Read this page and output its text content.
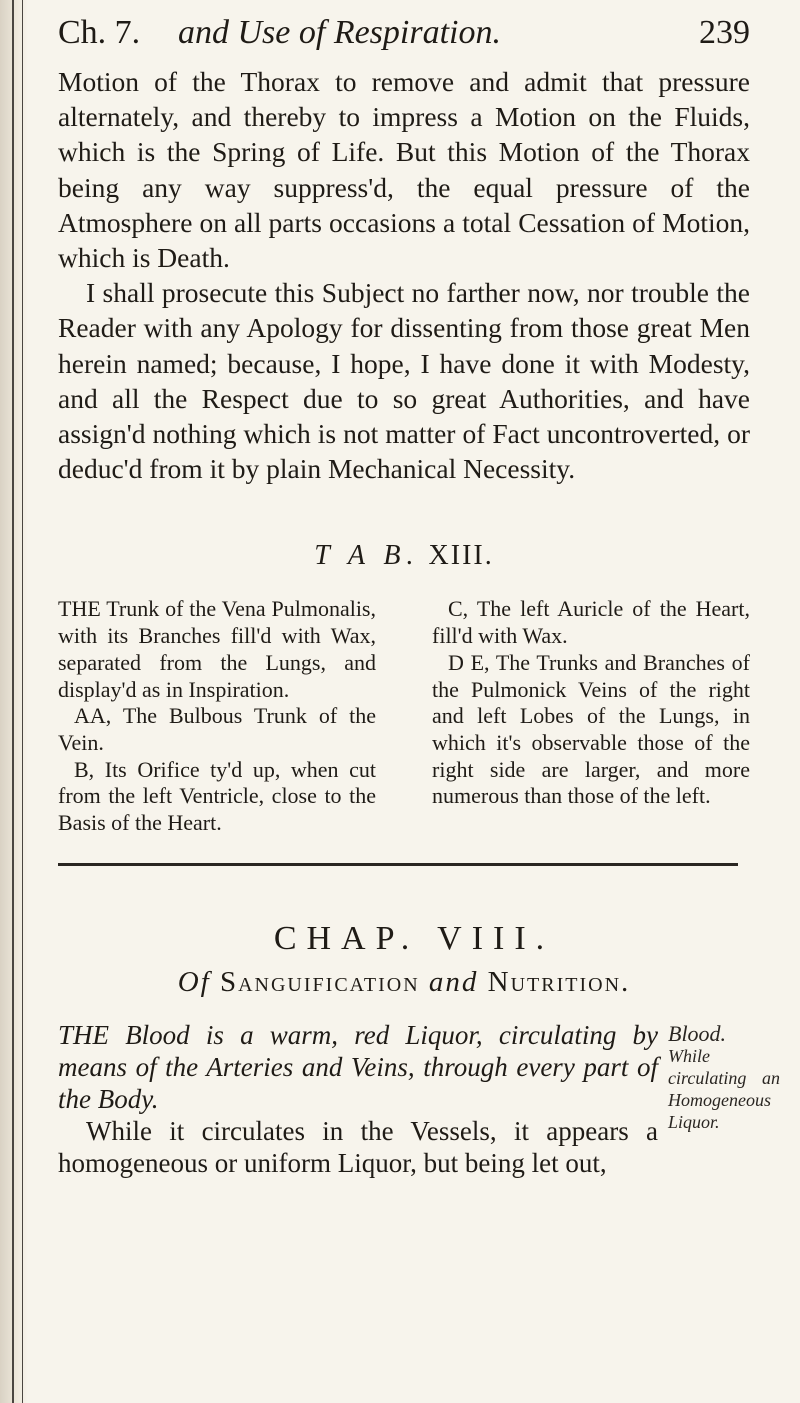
Ch. 7. and Use of Respiration.	239

Motion of the Thorax to remove and admit that pressure alternately, and thereby to impress a Motion on the Fluids, which is the Spring of Life. But this Motion of the Thorax being any way suppress'd, the equal pressure of the Atmosphere on all parts occasions a total Cessation of Motion, which is Death.

I shall prosecute this Subject no farther now, nor trouble the Reader with any Apology for dissenting from those great Men herein named; because, I hope, I have done it with Modesty, and all the Respect due to so great Authorities, and have assign'd nothing which is not matter of Fact uncontroverted, or deduc'd from it by plain Mechanical Necessity.

T A B. XIII.

THE Trunk of the Vena Pulmonalis, with its Branches fill'd with Wax, separated from the Lungs, and display'd as in Inspiration.

AA, The Bulbous Trunk of the Vein.

B, Its Orifice ty'd up, when cut from the left Ventricle, close to the Basis of the Heart.

C, The left Auricle of the Heart, fill'd with Wax.

D E, The Trunks and Branches of the Pulmonick Veins of the right and left Lobes of the Lungs, in which it's observable those of the right side are larger, and more numerous than those of the left.

CHAP. VIII.
Of Sanguification and Nutrition.

THE Blood is a warm, red Liquor, circulating by means of the Arteries and Veins, through every part of the Body.

While it circulates in the Vessels, it appears a homogeneous or uniform Liquor, but being let out,

Blood.
While circulating an Homogeneous Liquor.
